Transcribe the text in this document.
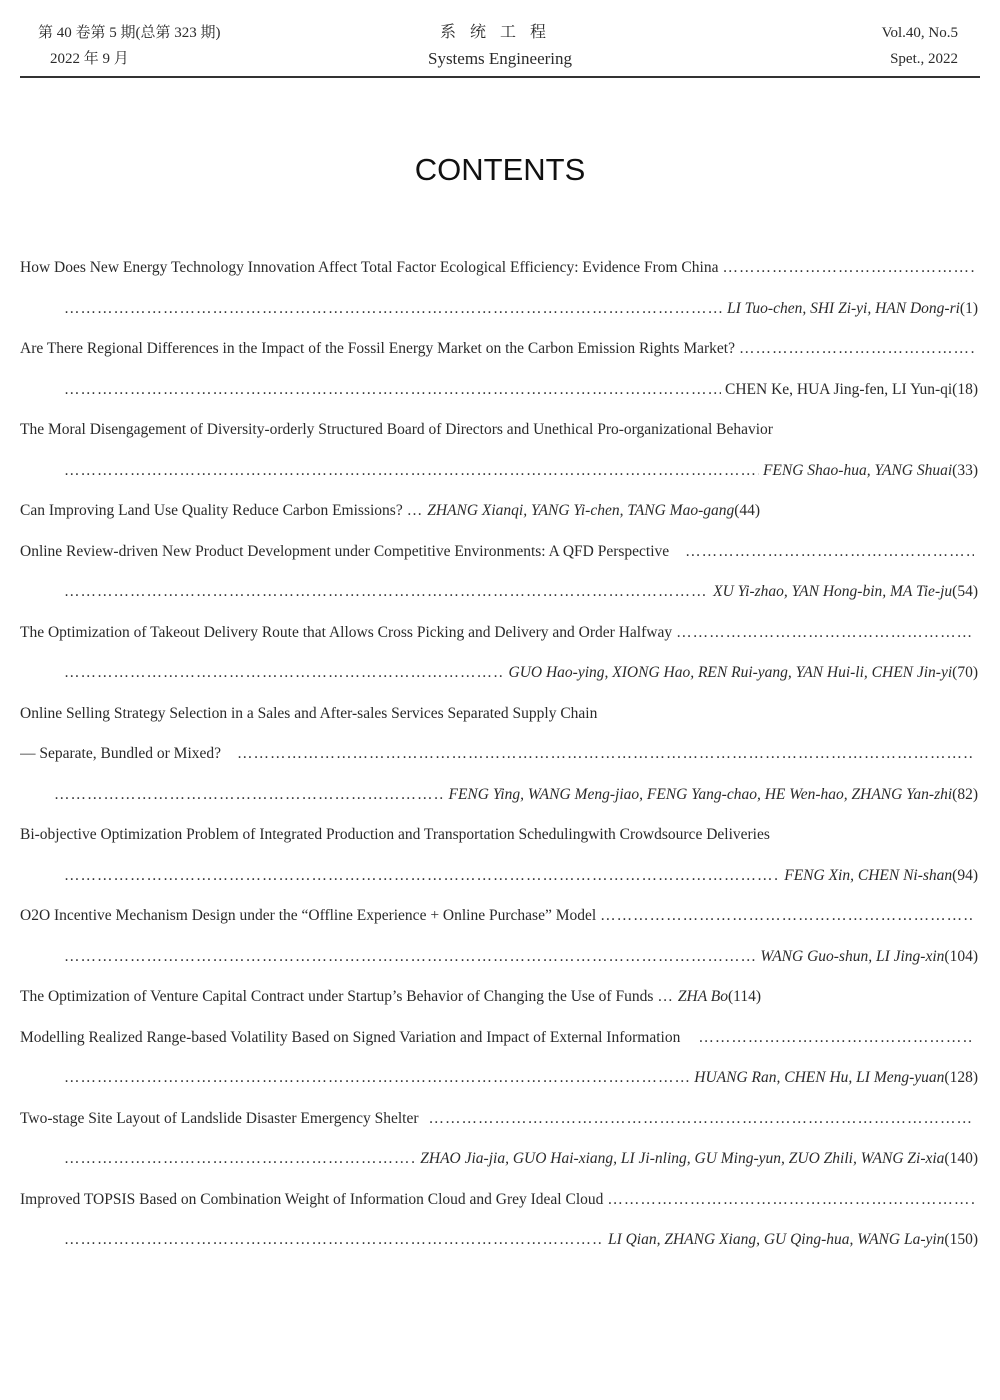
第 40 卷第 5 期(总第 323 期)
2022 年 9 月
系统工程
Systems Engineering
Vol.40, No.5
Spet., 2022
CONTENTS
How Does New Energy Technology Innovation Affect Total Factor Ecological Efficiency: Evidence From China
……………………………………………………………………………………………………………………………………………………………………………………………………………………
……………………………………………………………………………………………………………………………………………………………………………………………………………………
LI Tuo-chen, SHI Zi-yi, HAN Dong-ri (1)
Are There Regional Differences in the Impact of the Fossil Energy Market on the Carbon Emission Rights Market?
……………………………………………………………………………………………………………………………………………………………………………………………………………………
……………………………………………………………………………………………………………………………………………………………………………………………………………………
CHEN Ke, HUA Jing-fen, LI Yun-qi (18)
The Moral Disengagement of Diversity-orderly Structured Board of Directors and Unethical Pro-organizational Behavior
……………………………………………………………………………………………………………………………………………………………………………………………………………………
FENG Shao-hua, YANG Shuai (33)
Can Improving Land Use Quality Reduce Carbon Emissions? … ZHANG Xianqi, YANG Yi-chen, TANG Mao-gang (44)
Online Review-driven New Product Development under Competitive Environments: A QFD Perspective
……………………………………………………………………………………………………………………………………………………………………………………………………………………
……………………………………………………………………………………………………………………………………………………………………………………………………………………
XU Yi-zhao, YAN Hong-bin, MA Tie-ju (54)
The Optimization of Takeout Delivery Route that Allows Cross Picking and Delivery and Order Halfway
……………………………………………………………………………………………………………………………………………………………………………………………………………………
……………………………………………………………………………………………………………………………………………………………………………………………………………………
GUO Hao-ying, XIONG Hao, REN Rui-yang, YAN Hui-li, CHEN Jin-yi (70)
Online Selling Strategy Selection in a Sales and After-sales Services Separated Supply Chain
— Separate, Bundled or Mixed?
……………………………………………………………………………………………………………………………………………………………………………………………………………………
……………………………………………………………………………………………………………………………………………………………………………………………………………………
FENG Ying, WANG Meng-jiao, FENG Yang-chao, HE Wen-hao, ZHANG Yan-zhi (82)
Bi-objective Optimization Problem of Integrated Production and Transportation Schedulingwith Crowdsource Deliveries
……………………………………………………………………………………………………………………………………………………………………………………………………………………
FENG Xin, CHEN Ni-shan (94)
O2O Incentive Mechanism Design under the “Offline Experience + Online Purchase” Model
……………………………………………………………………………………………………………………………………………………………………………………………………………………
……………………………………………………………………………………………………………………………………………………………………………………………………………………
WANG Guo-shun, LI Jing-xin (104)
The Optimization of Venture Capital Contract under Startup’s Behavior of Changing the Use of Funds … ZHA Bo (114)
Modelling Realized Range-based Volatility Based on Signed Variation and Impact of External Information
……………………………………………………………………………………………………………………………………………………………………………………………………………………
……………………………………………………………………………………………………………………………………………………………………………………………………………………
HUANG Ran, CHEN Hu, LI Meng-yuan (128)
Two-stage Site Layout of Landslide Disaster Emergency Shelter
……………………………………………………………………………………………………………………………………………………………………………………………………………………
……………………………………………………………………………………………………………………………………………………………………………………………………………………
ZHAO Jia-jia, GUO Hai-xiang, LI Ji-nling, GU Ming-yun, ZUO Zhili, WANG Zi-xia (140)
Improved TOPSIS Based on Combination Weight of Information Cloud and Grey Ideal Cloud
……………………………………………………………………………………………………………………………………………………………………………………………………………………
……………………………………………………………………………………………………………………………………………………………………………………………………………………
LI Qian, ZHANG Xiang, GU Qing-hua, WANG La-yin (150)
